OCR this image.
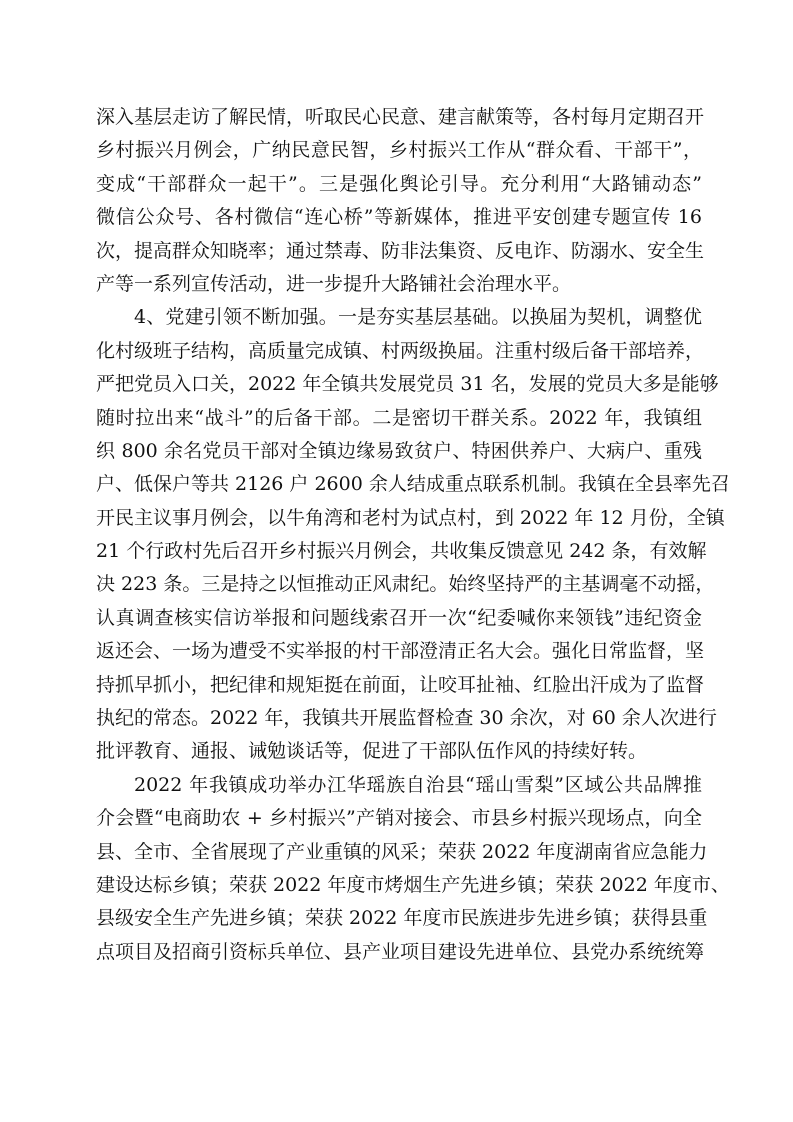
深入基层走访了解民情，听取民心民意、建言献策等，各村每月定期召开
乡村振兴月例会，广纳民意民智，乡村振兴工作从“群众看、干部干”，
变成“干部群众一起干”。三是强化舆论引导。充分利用“大路铺动态”
微信公众号、各村微信“连心桥”等新媒体，推进平安创建专题宣传 16
次，提高群众知晓率；通过禁毒、防非法集资、反电诈、防溺水、安全生
产等一系列宣传活动，进一步提升大路铺社会治理水平。
4、党建引领不断加强。一是夯实基层基础。以换届为契机，调整优
化村级班子结构，高质量完成镇、村两级换届。注重村级后备干部培养，
严把党员入口关，2022 年全镇共发展党员 31 名，发展的党员大多是能够
随时拉出来“战斗”的后备干部。二是密切干群关系。2022 年，我镇组
织 800 余名党员干部对全镇边缘易致贫户、特困供养户、大病户、重残
户、低保户等共 2126 户 2600 余人结成重点联系机制。我镇在全县率先召
开民主议事月例会，以牛角湾和老村为试点村，到 2022 年 12 月份，全镇
21 个行政村先后召开乡村振兴月例会，共收集反馈意见 242 条，有效解
决 223 条。三是持之以恒推动正风肃纪。始终坚持严的主基调毫不动摇，
认真调查核实信访举报和问题线索召开一次“纪委喊你来领钱”违纪资金
返还会、一场为遭受不实举报的村干部澄清正名大会。强化日常监督，坚
持抓早抓小，把纪律和规矩挺在前面，让咬耳扯袖、红脸出汗成为了监督
执纪的常态。2022 年，我镇共开展监督检查 30 余次，对 60 余人次进行
批评教育、通报、诫勉谈话等，促进了干部队伍作风的持续好转。
2022 年我镇成功举办江华瑶族自治县“瑶山雪梨”区域公共品牌推
介会暨“电商助农 + 乡村振兴”产销对接会、市县乡村振兴现场点，向全
县、全市、全省展现了产业重镇的风采；荣获 2022 年度湖南省应急能力
建设达标乡镇；荣获 2022 年度市烤烟生产先进乡镇；荣获 2022 年度市、
县级安全生产先进乡镇；荣获 2022 年度市民族进步先进乡镇；获得县重
点项目及招商引资标兵单位、县产业项目建设先进单位、县党办系统统筹
